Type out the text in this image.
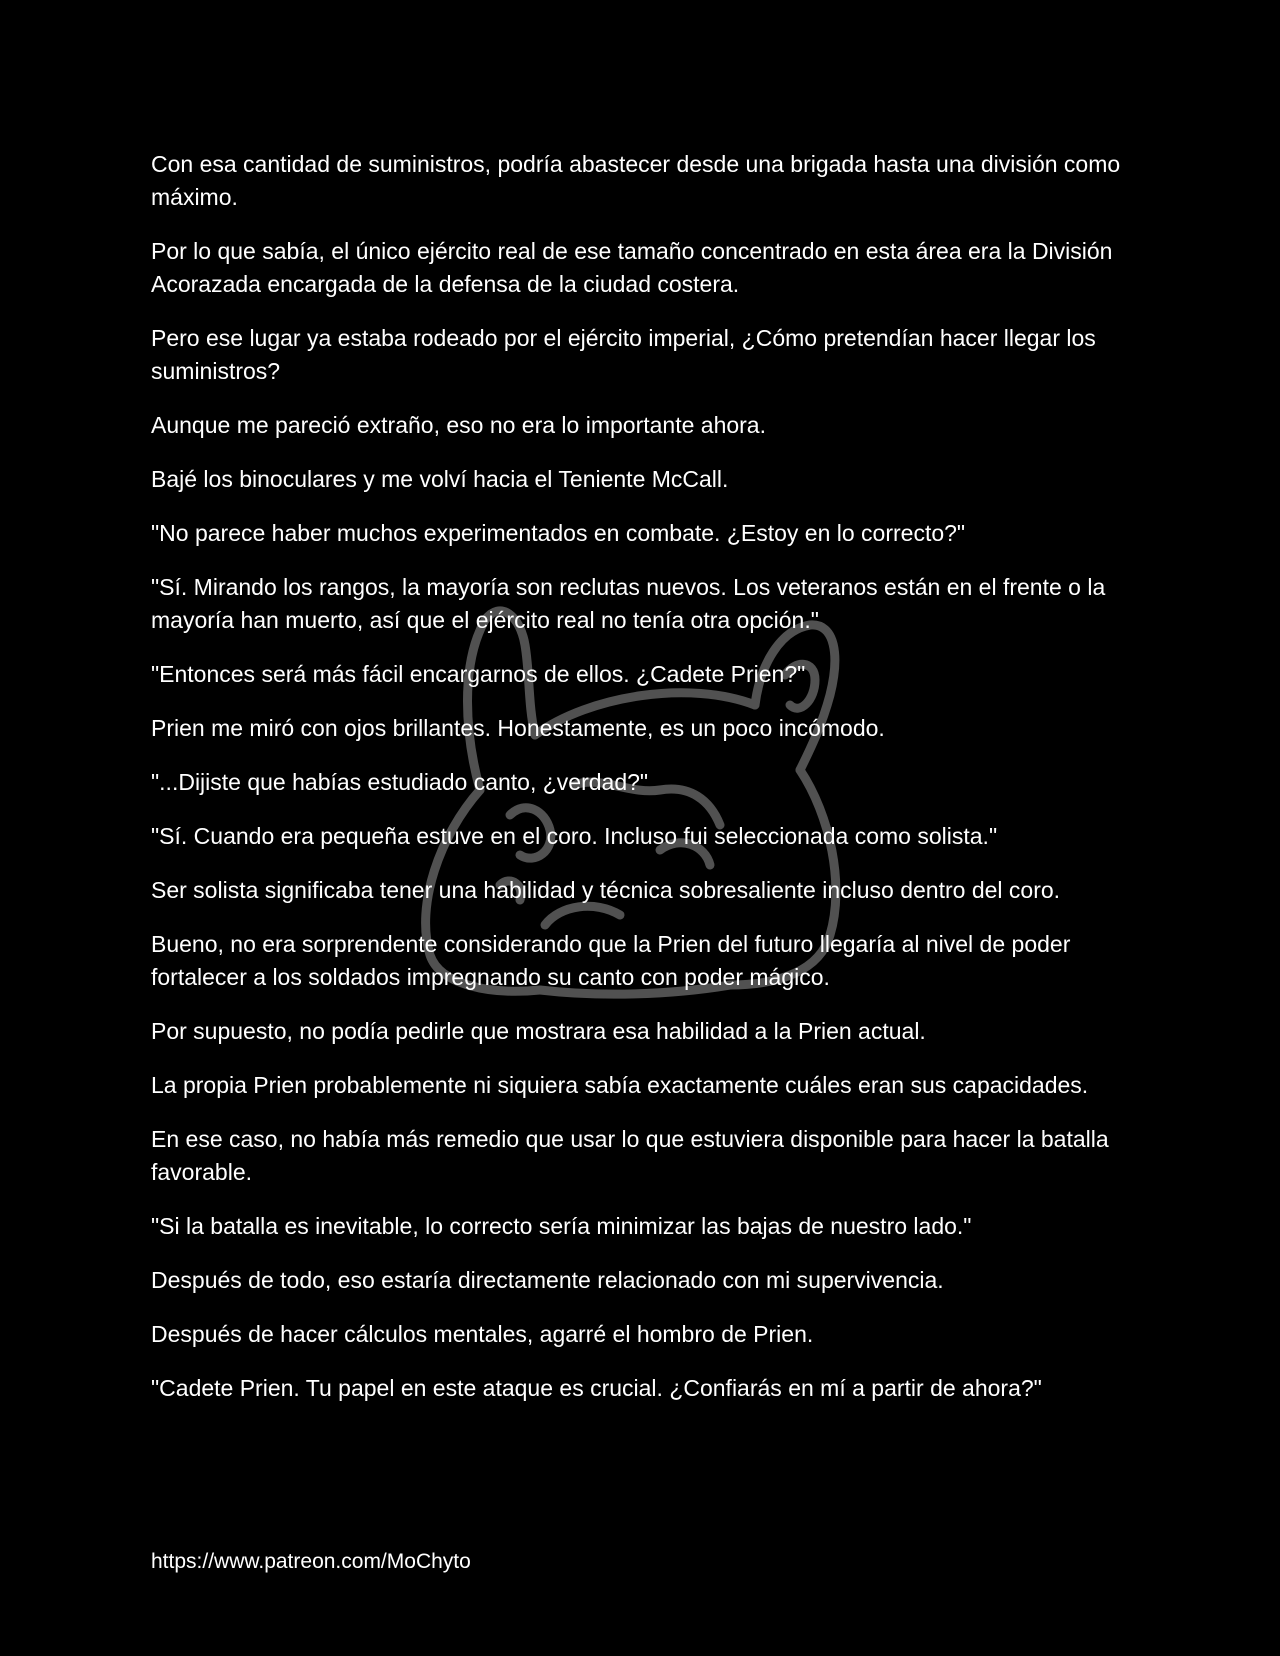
Con esa cantidad de suministros, podría abastecer desde una brigada hasta una división como máximo.

Por lo que sabía, el único ejército real de ese tamaño concentrado en esta área era la División Acorazada encargada de la defensa de la ciudad costera.

Pero ese lugar ya estaba rodeado por el ejército imperial, ¿Cómo pretendían hacer llegar los suministros?

Aunque me pareció extraño, eso no era lo importante ahora.

Bajé los binoculares y me volví hacia el Teniente McCall.

"No parece haber muchos experimentados en combate. ¿Estoy en lo correcto?"

"Sí. Mirando los rangos, la mayoría son reclutas nuevos. Los veteranos están en el frente o la mayoría han muerto, así que el ejército real no tenía otra opción."

"Entonces será más fácil encargarnos de ellos. ¿Cadete Prien?"

Prien me miró con ojos brillantes. Honestamente, es un poco incómodo.

"...Dijiste que habías estudiado canto, ¿verdad?"

"Sí. Cuando era pequeña estuve en el coro. Incluso fui seleccionada como solista."

Ser solista significaba tener una habilidad y técnica sobresaliente incluso dentro del coro.

Bueno, no era sorprendente considerando que la Prien del futuro llegaría al nivel de poder fortalecer a los soldados impregnando su canto con poder mágico.

Por supuesto, no podía pedirle que mostrara esa habilidad a la Prien actual.

La propia Prien probablemente ni siquiera sabía exactamente cuáles eran sus capacidades.

En ese caso, no había más remedio que usar lo que estuviera disponible para hacer la batalla favorable.

"Si la batalla es inevitable, lo correcto sería minimizar las bajas de nuestro lado."

Después de todo, eso estaría directamente relacionado con mi supervivencia.

Después de hacer cálculos mentales, agarré el hombro de Prien.

"Cadete Prien. Tu papel en este ataque es crucial. ¿Confiarás en mí a partir de ahora?"

https://www.patreon.com/MoChyto
